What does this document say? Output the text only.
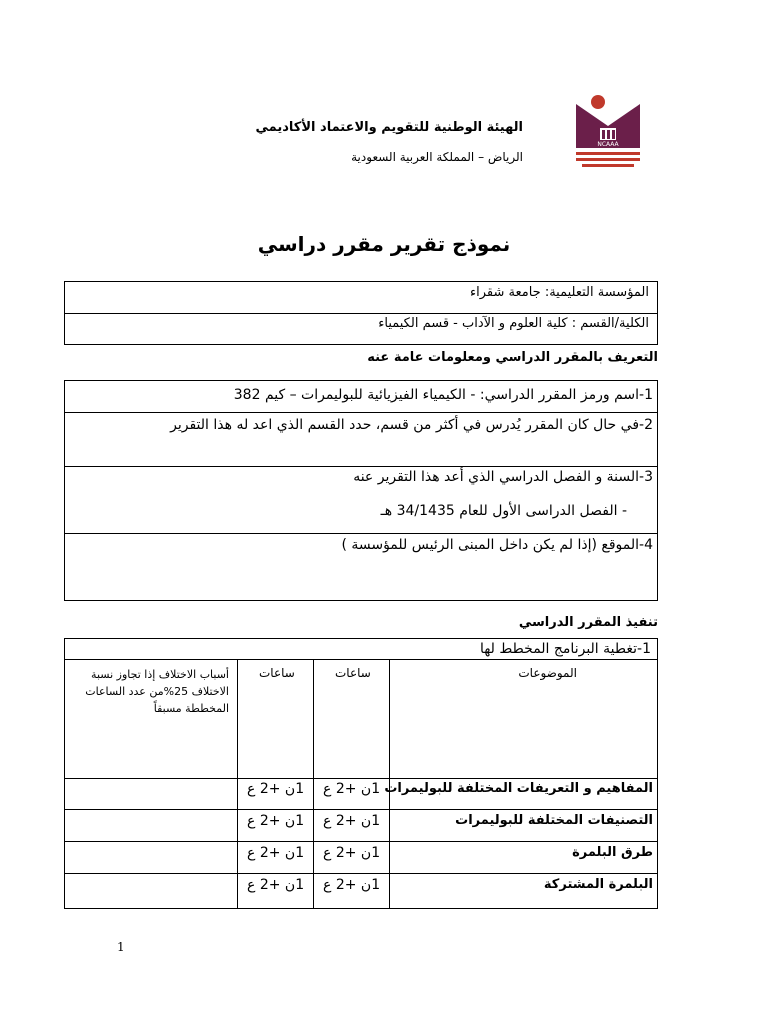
NCAAA
الهيئة الوطنية للتقويم والاعتماد الأكاديمي
الرياض – المملكة العربية السعودية
نموذج تقرير مقرر دراسي
المؤسسة التعليمية: جامعة شقراء
الكلية/القسم : كلية العلوم و الآداب - قسم الكيمياء
التعريف بالمقرر الدراسي ومعلومات عامة عنه
1-اسم ورمز المقرر الدراسي: - الكيمياء الفيزيائية للبوليمرات – كيم 382
2-في حال كان المقرر يُدرس في أكثر من قسم، حدد القسم الذي اعد له هذا التقرير
3-السنة و الفصل الدراسي الذي أعد هذا التقرير عنه
- الفصل الدراسى الأول للعام 34/1435 هـ
4-الموقع (إذا لم يكن داخل المبنى الرئيس للمؤسسة )
تنفيذ المقرر الدراسي
1-تغطية البرنامج المخطط لها
الموضوعات
ساعات
ساعات
أسباب الاختلاف إذا تجاوز نسبة الاختلاف 25%من عدد الساعات المخططة مسبقاً
المفاهيم و التعريفات المختلفة للبوليمرات
1ن +2 ع
1ن +2 ع
التصنيفات المختلفة للبوليمرات
1ن +2 ع
1ن +2 ع
طرق البلمرة
1ن +2 ع
1ن +2 ع
البلمرة المشتركة
1ن +2 ع
1ن +2 ع
1
